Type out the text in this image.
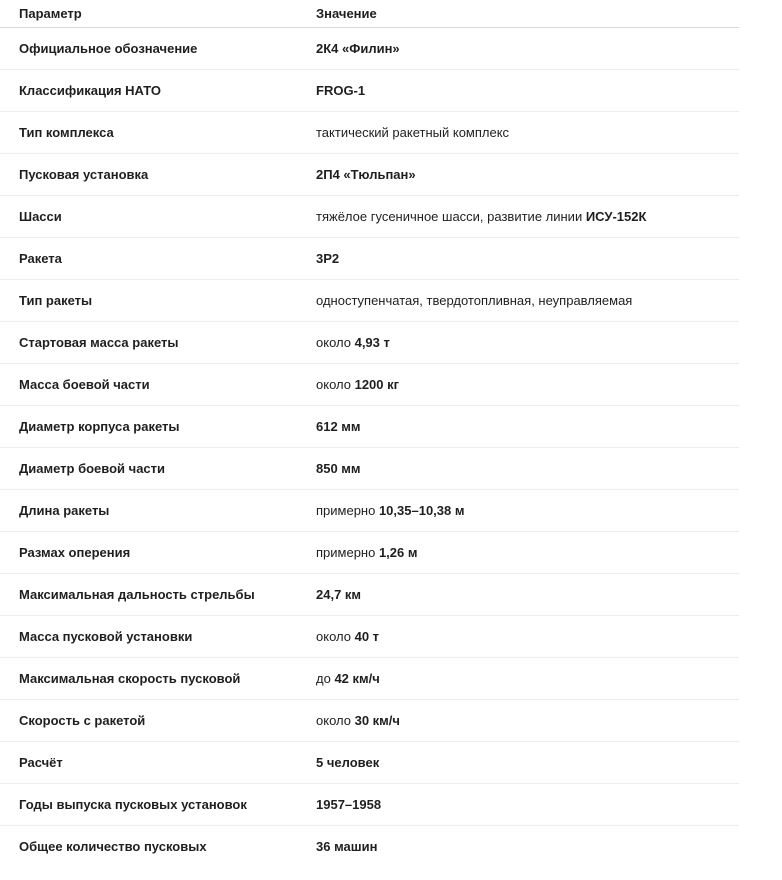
Параметр	Значение
Официальное обозначение	2К4 «Филин»
Классификация НАТО	FROG-1
Тип комплекса	тактический ракетный комплекс
Пусковая установка	2П4 «Тюльпан»
Шасси	тяжёлое гусеничное шасси, развитие линии ИСУ-152К
Ракета	3Р2
Тип ракеты	одноступенчатая, твердотопливная, неуправляемая
Стартовая масса ракеты	около 4,93 т
Масса боевой части	около 1200 кг
Диаметр корпуса ракеты	612 мм
Диаметр боевой части	850 мм
Длина ракеты	примерно 10,35–10,38 м
Размах оперения	примерно 1,26 м
Максимальная дальность стрельбы	24,7 км
Масса пусковой установки	около 40 т
Максимальная скорость пусковой	до 42 км/ч
Скорость с ракетой	около 30 км/ч
Расчёт	5 человек
Годы выпуска пусковых установок	1957–1958
Общее количество пусковых	36 машин
